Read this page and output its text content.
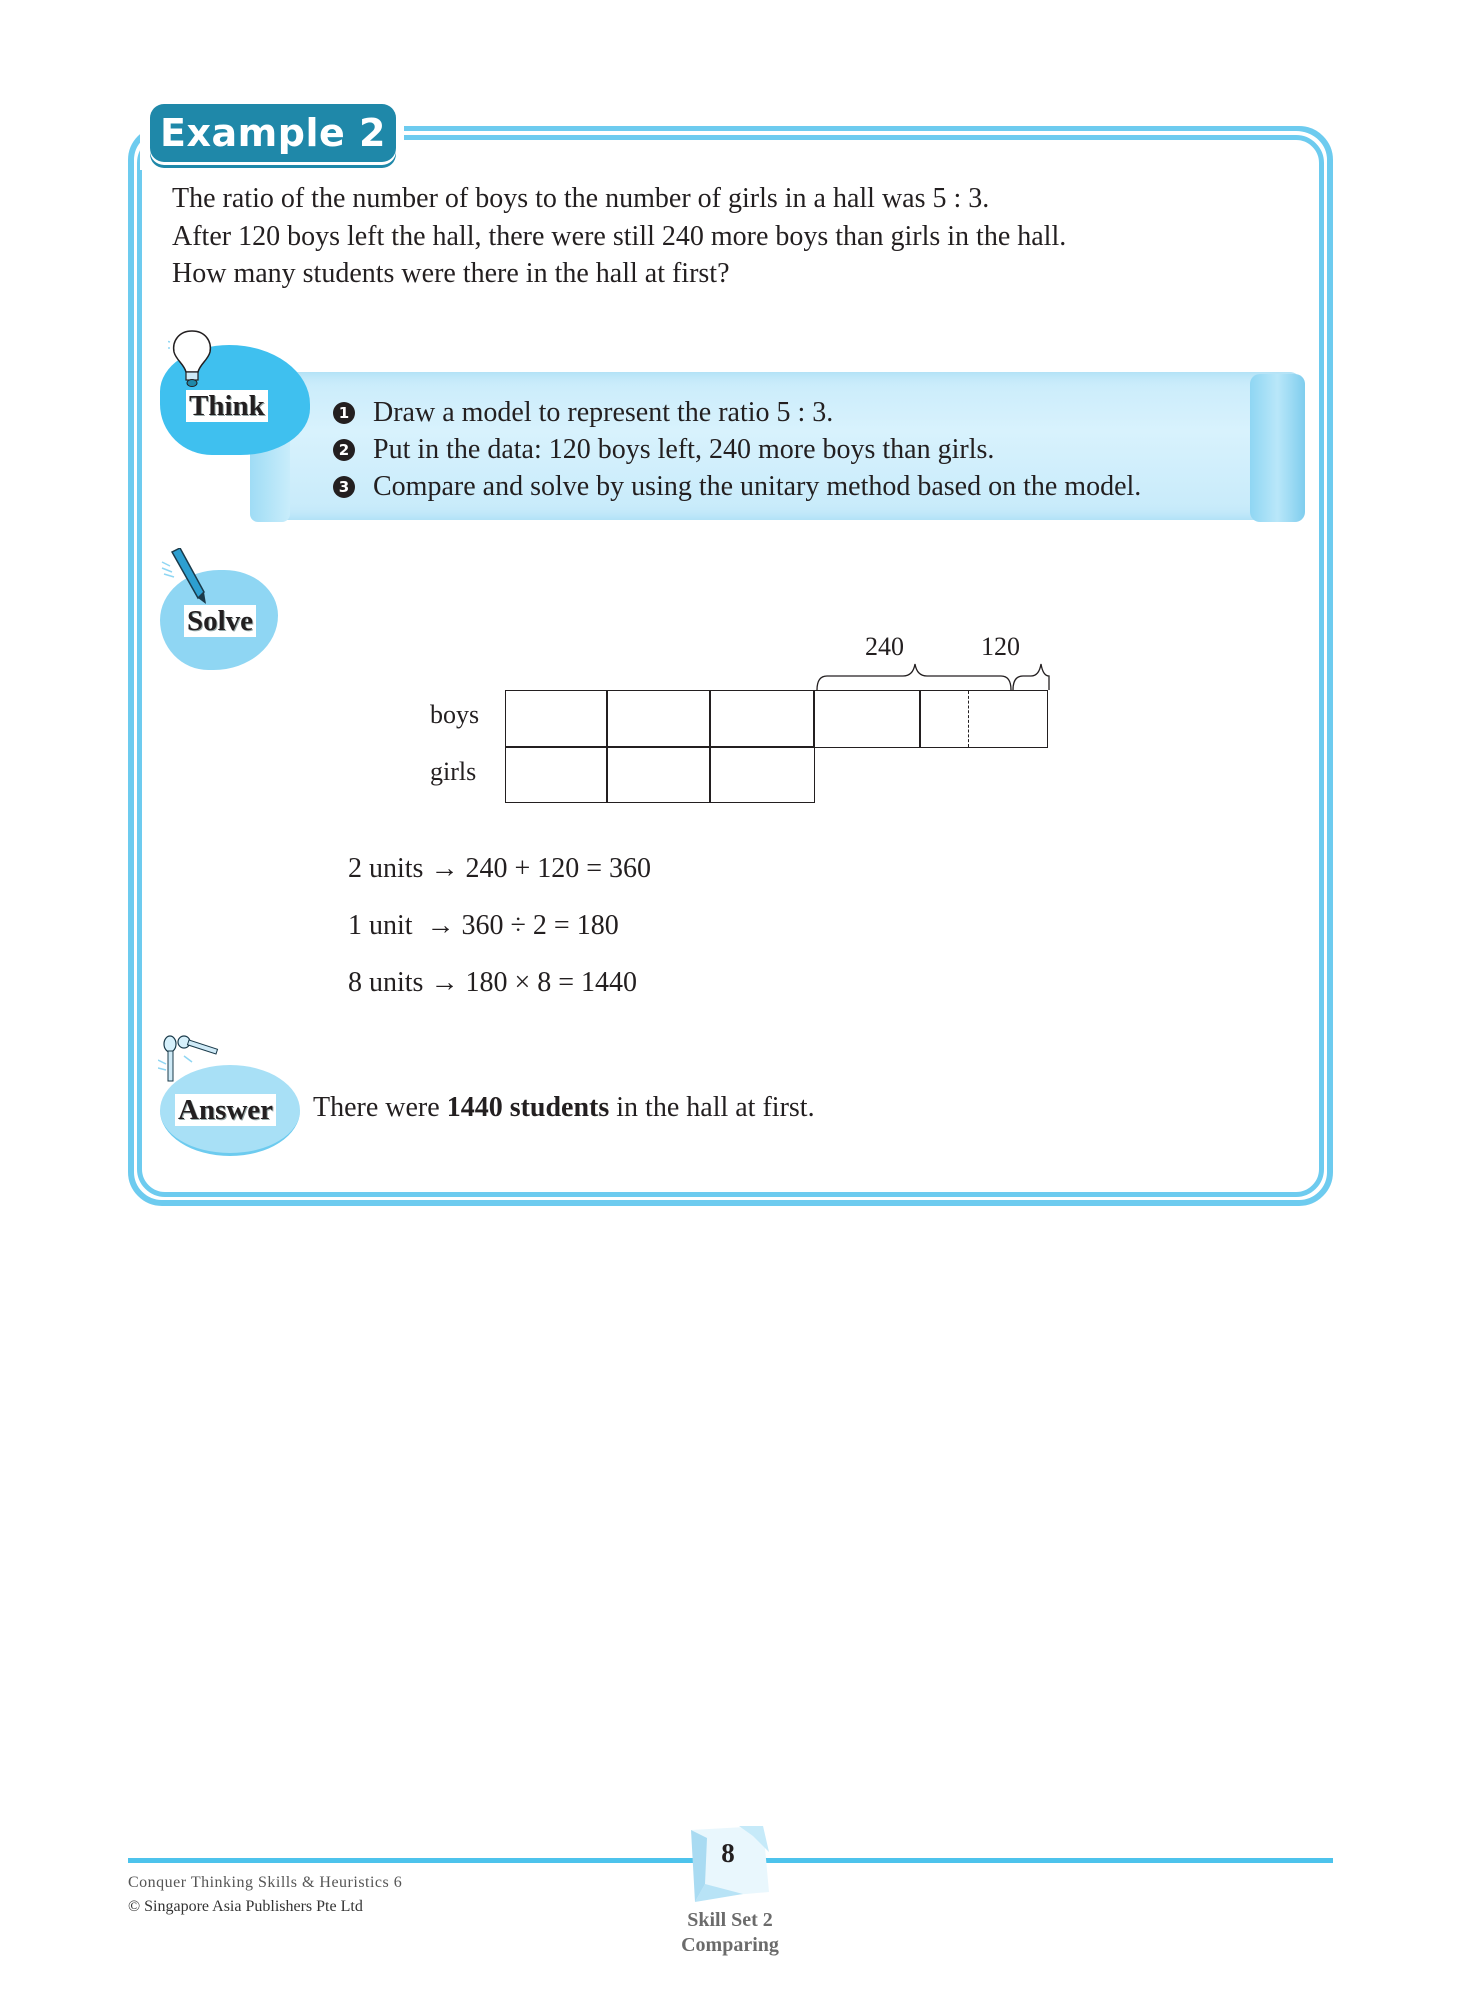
Example 2
The ratio of the number of boys to the number of girls in a hall was 5 : 3.
After 120 boys left the hall, there were still 240 more boys than girls in the hall.
How many students were there in the hall at first?
Think	1 Draw a model to represent the ratio 5 : 3.
2 Put in the data: 120 boys left, 240 more boys than girls.
3 Compare and solve by using the unitary method based on the model.
Solve
240	120
boys
girls
2 units → 240 + 120 = 360
1 unit  → 360 ÷ 2 = 180
8 units → 180 × 8 = 1440
Answer There were 1440 students in the hall at first.
8
Conquer Thinking Skills & Heuristics 6
© Singapore Asia Publishers Pte Ltd
Skill Set 2
Comparing
